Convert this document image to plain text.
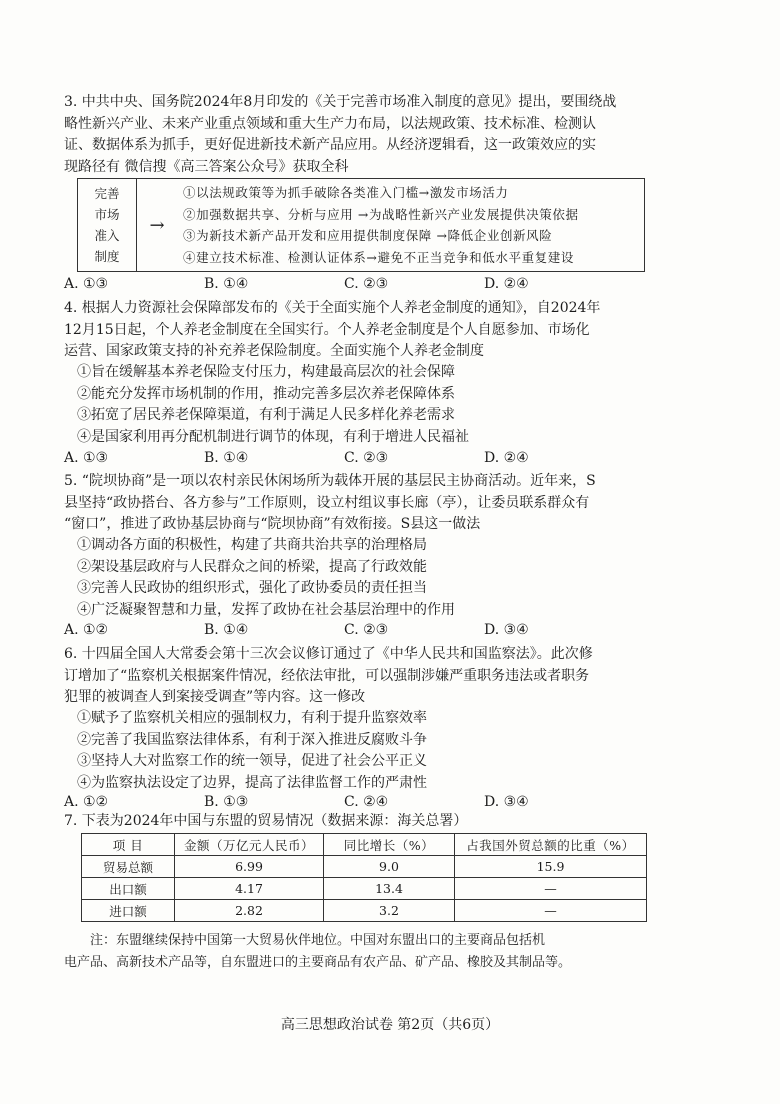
3. 中共中央、国务院2024年8月印发的《关于完善市场准入制度的意见》提出，要围绕战

略性新兴产业、未来产业重点领域和重大生产力布局，以法规政策、技术标准、检测认

证、数据体系为抓手，更好促进新技术新产品应用。从经济逻辑看，这一政策效应的实

现路径有 微信搜《高三答案公众号》获取全科

完善
市场
准入
制度
→
①以法规政策等为抓手破除各类准入门槛→激发市场活力
②加强数据共享、分析与应用 →为战略性新兴产业发展提供决策依据
③为新技术新产品开发和应用提供制度保障 →降低企业创新风险
④建立技术标准、检测认证体系→避免不正当竞争和低水平重复建设
A. ①③	B. ①④	C. ②③	D. ②④

4. 根据人力资源社会保障部发布的《关于全面实施个人养老金制度的通知》，自2024年

12月15日起，个人养老金制度在全国实行。个人养老金制度是个人自愿参加、市场化

运营、国家政策支持的补充养老保险制度。全面实施个人养老金制度

①旨在缓解基本养老保险支付压力，构建最高层次的社会保障
②能充分发挥市场机制的作用，推动完善多层次养老保障体系
③拓宽了居民养老保障渠道，有利于满足人民多样化养老需求
④是国家利用再分配机制进行调节的体现，有利于增进人民福祉
A. ①③	B. ①④	C. ②③	D. ②④

5. “院坝协商”是一项以农村亲民休闲场所为载体开展的基层民主协商活动。近年来，S

县坚持“政协搭台、各方参与”工作原则，设立村组议事长廊（亭），让委员联系群众有

“窗口”，推进了政协基层协商与“院坝协商”有效衔接。S县这一做法

①调动各方面的积极性，构建了共商共治共享的治理格局
②架设基层政府与人民群众之间的桥梁，提高了行政效能
③完善人民政协的组织形式，强化了政协委员的责任担当
④广泛凝聚智慧和力量，发挥了政协在社会基层治理中的作用
A. ①②	B. ①④	C. ②③	D. ③④

6. 十四届全国人大常委会第十三次会议修订通过了《中华人民共和国监察法》。此次修

订增加了“监察机关根据案件情况，经依法审批，可以强制涉嫌严重职务违法或者职务

犯罪的被调查人到案接受调查”等内容。这一修改

①赋予了监察机关相应的强制权力，有利于提升监察效率
②完善了我国监察法律体系，有利于深入推进反腐败斗争
③坚持人大对监察工作的统一领导，促进了社会公平正义
④为监察执法设定了边界，提高了法律监督工作的严肃性
A. ①②	B. ①③	C. ②④	D. ③④

7. 下表为2024年中国与东盟的贸易情况（数据来源：海关总署）

项 目	金额（万亿元人民币）	同比增长（%）	占我国外贸总额的比重（%）
贸易总额	6.99	9.0	15.9
出口额	4.17	13.4	—
进口额	2.82	3.2	—

注：东盟继续保持中国第一大贸易伙伴地位。中国对东盟出口的主要商品包括机

电产品、高新技术产品等，自东盟进口的主要商品有农产品、矿产品、橡胶及其制品等。

高三思想政治试卷 第2页（共6页）
